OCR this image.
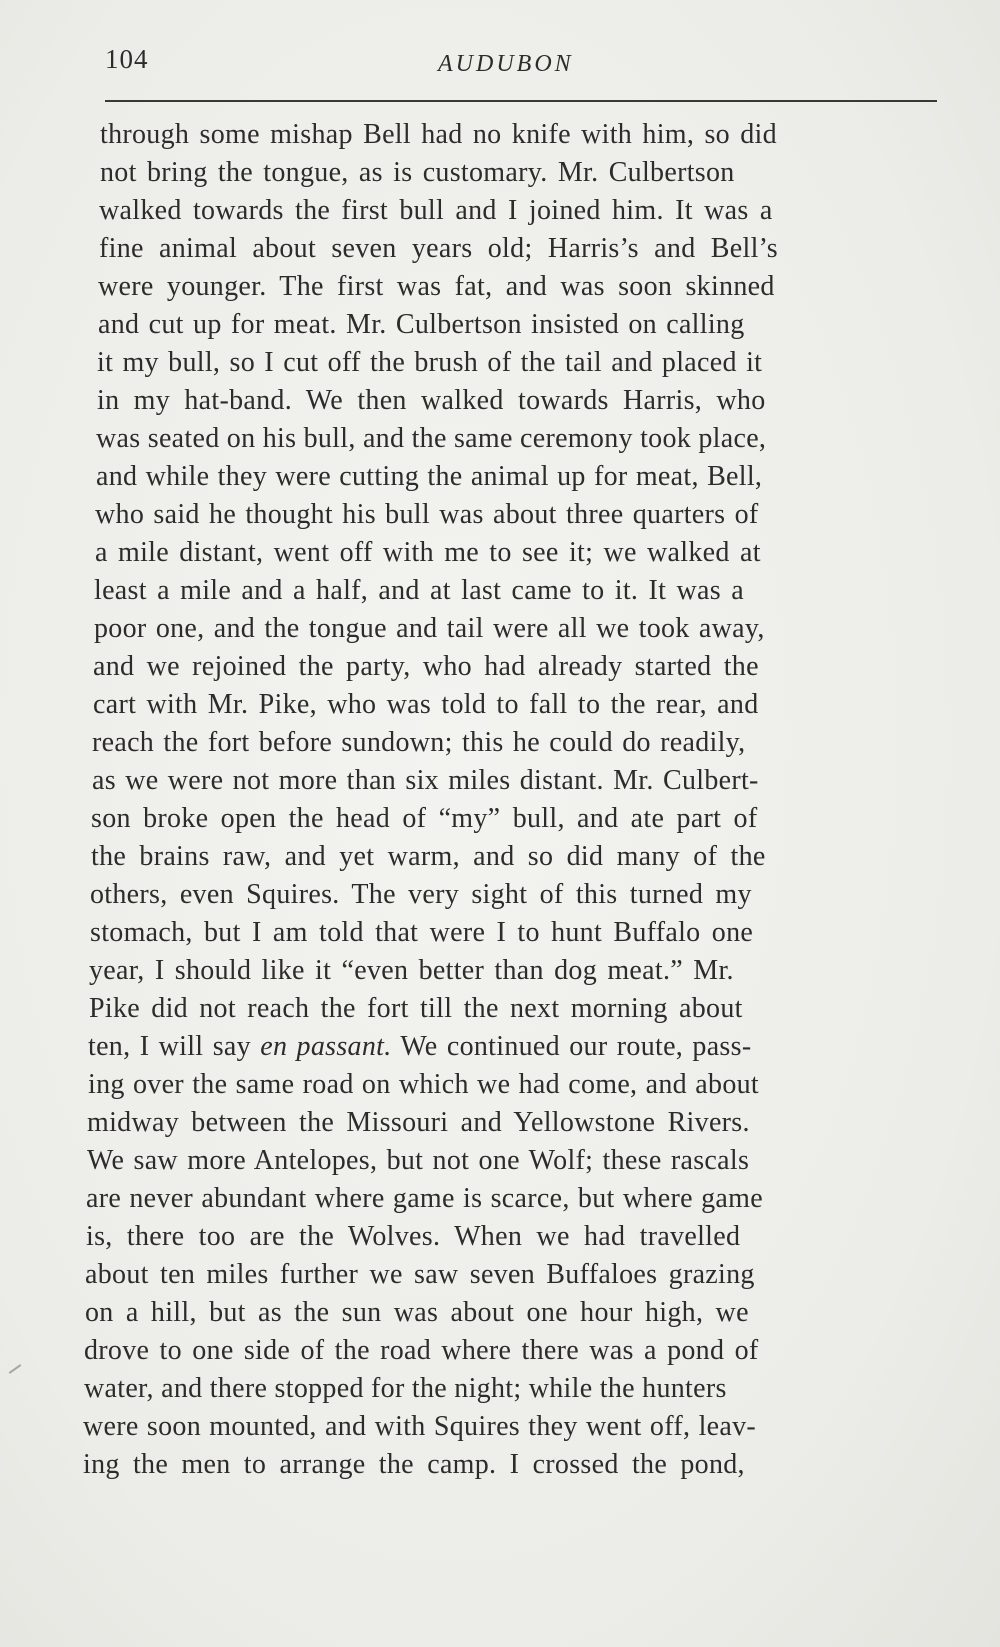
104	AUDUBON
through some mishap Bell had no knife with him, so did
not bring the tongue, as is customary. Mr. Culbertson
walked towards the first bull and I joined him. It was a
fine animal about seven years old; Harris’s and Bell’s
were younger. The first was fat, and was soon skinned
and cut up for meat. Mr. Culbertson insisted on calling
it my bull, so I cut off the brush of the tail and placed it
in my hat-band. We then walked towards Harris, who
was seated on his bull, and the same ceremony took place,
and while they were cutting the animal up for meat, Bell,
who said he thought his bull was about three quarters of
a mile distant, went off with me to see it; we walked at
least a mile and a half, and at last came to it. It was a
poor one, and the tongue and tail were all we took away,
and we rejoined the party, who had already started the
cart with Mr. Pike, who was told to fall to the rear, and
reach the fort before sundown; this he could do readily,
as we were not more than six miles distant. Mr. Culbert-
son broke open the head of “my” bull, and ate part of
the brains raw, and yet warm, and so did many of the
others, even Squires. The very sight of this turned my
stomach, but I am told that were I to hunt Buffalo one
year, I should like it “even better than dog meat.” Mr.
Pike did not reach the fort till the next morning about
ten, I will say en passant. We continued our route, pass-
ing over the same road on which we had come, and about
midway between the Missouri and Yellowstone Rivers.
We saw more Antelopes, but not one Wolf; these rascals
are never abundant where game is scarce, but where game
is, there too are the Wolves. When we had travelled
about ten miles further we saw seven Buffaloes grazing
on a hill, but as the sun was about one hour high, we
drove to one side of the road where there was a pond of
water, and there stopped for the night; while the hunters
were soon mounted, and with Squires they went off, leav-
ing the men to arrange the camp. I crossed the pond,
